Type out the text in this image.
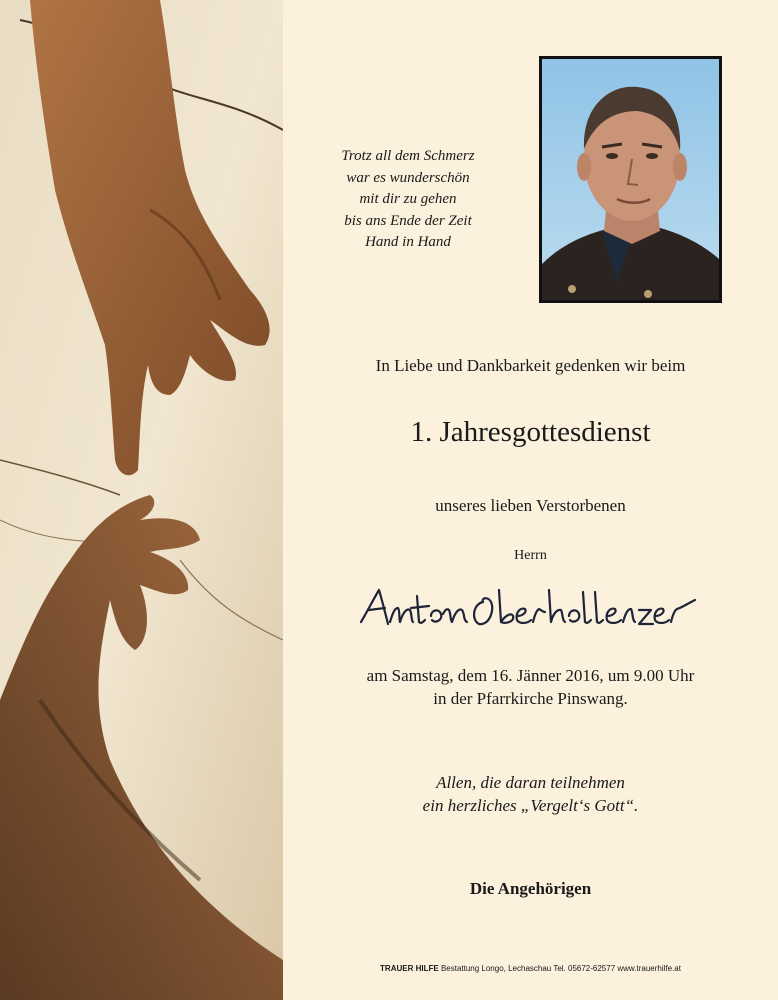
Trotz all dem Schmerz
war es wunderschön
mit dir zu gehen
bis ans Ende der Zeit
Hand in Hand
In Liebe und Dankbarkeit gedenken wir beim
1. Jahresgottesdienst
unseres lieben Verstorbenen
Herrn
am Samstag, dem 16. Jänner 2016, um 9.00 Uhr
in der Pfarrkirche Pinswang.
Allen, die daran teilnehmen
ein herzliches „Vergelt‘s Gott“.
Die Angehörigen
TRAUER HILFE Bestattung Longo, Lechaschau Tel. 05672-62577 www.trauerhilfe.at
